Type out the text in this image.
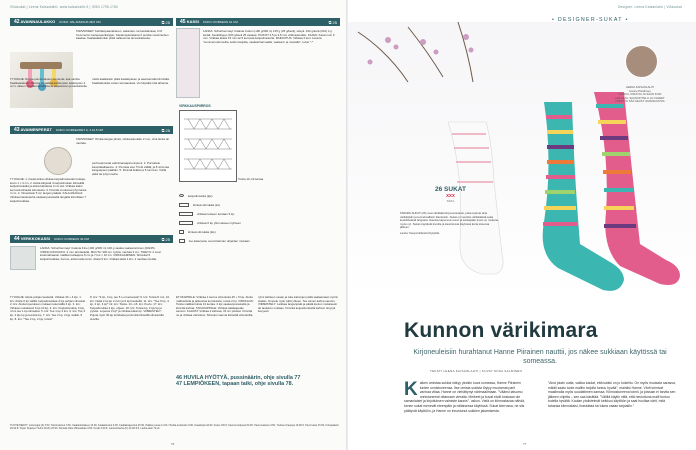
Villasukat | Leena Kaisanlahti, www.kaisanlahti.fi | ISSN 1795-1760
42 AVAINNAULAKKO KOKO: VALJASKOJA 38,5 CM	⧉ 25
TARVIKKEET: Kehikkopaanahanen, askartelu- tai kassilankaa, 3 M Cemmeral -tuotepaperilangan, Kaulanpukoiskarat 2 punttia vuosimiehen kaadaa. Kaalaiaakkunkin pitkä nalkeuuma tai kankaisesta.
TYÖOHJE: Rossa pannunalusen kuvamal- kaa varsila. Kaalkaarakuvio: Rossia 3 kaalkaa kerkkupien kaalimpien 4 cm:n väleen. Kaulanmahdollisuus paljastavan ja kankaisella.
mistä kaalkaisiin pitkä kaulakpanen ja asentamalla kiinnittää. Kaakkaluokka varten tai kaavasta. Voi käyttää mitä tahansa.
43 AVAIMENPERÄT KOKO: KORKEUDET 3, 4 JA 5 CM	⧉ 25
TARVIKKEET: Ohuita langan jämiä, virkkauskoukku 2 mm, ohut lanka tai nauhaa.
TYÖOHJE: 1. Kaula lanka virkkaa ketjusilmukoiden kokoja, kuvio 1 x 4 cm. 2. Aloita kärjestä 4 ketjusilmukan kiinteällä ketjusilmukalla ja aloita kahdesta 3 cm:stä. Virkkaa kaksi kerrosta kiinteitä silmukoita. 3. Kiinnitä muutama lyhyt lanka 4 cm. 4. Viimeistele 5 cm langan päästä. KAULANAUHA: Virkkaa kaulanauha vaaleanpunaisella langalla kiinnittäen 7 ketjusilmukkaa.
perhospinnetta valmiinanaapinennpieni. 3. Pursuttele kanoittaalkaanne. 4. Punoisa sien Trintti välillä; ja 8 viimmaa kangaspieni päähän. 5. Kiinnitä lisäksi ja 5 tumman. Voilla pitkä tai lyhyt nauha.
44 VERKKOKASSI KOKO: KORKEUS 42 CM	⧉ 25
LANKA: Schachenmayr Catania Fine (100 g/300 m) 100 g vaalea vaaleansininen (00245). VIRKKUUKOUKKU: 2 mm tai käsiteltä. MUUTA: 300 cm nyöriä, nauhaa 2 cm. TIHEYS: 2 suun kudontahaaran mallikerroslaajuus 8 cm ja 7 krs = 10 cm. VIRKKAAMINEN: Silmukat 5 ketjusilmukkaa, Kerros, aloita tarkemmin. Aloita 5 krs. Virkkaa tästä 1 krs, 2 nauhaa sivuilla.
TYÖOHJE: Aloita pohjan keskeltä. Virkkaa 30 + 4 kjs. 1. krs: Aloita 6 kp välillä, ketjusilmukkaa 3 kjs pohjan silmukat. 2. krs: Aloita lopetuksen mukaan tekemällä 4 kp. 3. krs: Virkkaa mukaisesti 6 kp 10 kp. 4. krs: Ketjusilmukka; 3 kjs, 4 krs tee 1 kp-silmukka. 5. krs: Tee 1 kp 4 krs. 6. krs: Tee 3 kp, 2 kjs kp ja kuviota kp. 7. krs: Tee 2 kp, 2 kjs, kaikki, 6 kp. 8. krs: *Tee 2 kp, 2 kjs, toista*.
8. krs: *2 kp, 4 kp, tee 5 s ei kertausta* 9. krs: Toista 8. krs. 10. krs: Neljä 2 kp kp 2 rivin ja 6 kpl keskellä. 11. krs: *Tee 6 kp, 4 kp, 2 kp, 4 kp* 12. krs: Toista. 13.–16. krs: Kuvio. 17. krs: Ketjusilmukka 2 kjs, ohjeet. 18. krs: Toista kp, 2 kjs kp ja pylväs. Lopetus 3 kp* ja virkkaa kaksi kp. VIIMEISTELY: Pujota nyöri 30 kp kohdasta ja kiinnitä kiinteillä silmukoilla sivuilla.
ETUKAPPALE: Virkkaa 1 kerros silmukoita 25 + 5 kjs. Aloita mallineliöita ja jatkuvista kerroksista, toista 2 kp. VIRKKAUS: Toista mallikerroksia 13 kertaa. 2 kjs vaaleanpunaisella ja kiinnitä kahvat. TAKAKAPPALE: Virkkaa takakappale samoin. KAHVAT: Virkkaa 2 kahvaa, 15 cm pituiset. Kiinnitä ne ja virkkaa vahvistus. Silmukoi sauma kiinteillä silmukoilla.
rytmi kahteen osaan ja tuke kahvojen päitä saalaamaan nyörin sisään. Ompele nyöri päät yhteen. Tee toinen kahva samoin. VIIMEISTELY: Leikkaa langanpäät ja päätä kuvion mukaisesti tai taulukon mukaan. Kiinnitä ketjusilmukoilla kahvat. Höyryä kevyesti.
45 KASSI KOKO: KORKEUS 41 CM	⧉ 25
LANKA: Schachenmayr Catania Cotton (100 g/300 m) 125 g (25 g/kerä), sävyä. 100 g/kerä (001) 4 g kerää. Keskiöhjeet (100 g/kerä 25 vaalea). PUIKOT 2,5 ja 3,5 mm virkkuukoukku. KAAVA: Kassi noin 9 mm. Virkkaa aluksi 15 mm tai 5 kerrosta ketjusilmukoita. RAIDOITUS: Virkkaa 2 kerr. kuviota. "summermarioneilla, kellon-ketjulla, vaaleanharmaalla, vaaleanl. ja mustalla", kuvio *-*
VIRKKAUSPIIRROS
Toista 10–19 kertaa
ketjusilmukka (kjs)
kiinteä silmukka (ks)
virkkaa toiseen kertaan 6 kp
virkkaa 6 kp ylimmaiseen lyhteen
kiinteä silmukka (kis)
lue kaaviosta, suunnitelman ohjeiden mukaan
46 HUVILA HYÖTYÄ, pussinäärin, ohje sivulla 77
47 LEMPIÖKEEN, tapaan taiki, ohje sivulla 78.
TUOTETIEDOT: Lintumajat (fi) 3.50, Toimintasivut 3.50, Kaalakinlokkeet 13.90, Kaalakkuviot 6.90, Kaallakaaperkut 30.90, Paikka puosa 11.90, Huvilla-tuotteisiin 9.90, Kaaskirjat 44.90. Kassi 130 €. Kaunis kotipesä 60.90. Pannunalusta 3.50, Tuotteet Kauppa 19.90 €. Pieni kassi 15.90, Kokopaketti 29.90 €. Kirjat: Kirjanen Helmi (KAK) 23.90. Kiinteät-Taito Villasukkaa 3.90. Kevät 4,50 €. Lanka-Nauha (K) 44.90 € €. Lanka-taito 79 vk.
76
Designer: Leena Kaisanlahti | Villasukat
• DESIGNER-SUKAT •
LEENA KAISANLAHTI
Hanne Piiraihnen
SUKKIA, KIRJOJA JA SÄÄN KUIN
HOLVEJA, SUUNNITTELU JA OHJEET
NAPATTU SÄÄ KEVÄT ILMAISUUKSIA
26 SUKAT
xxx
S/M/L
KIMARA-SUKAT (26) ovat värikkäät kirjoneuleukset, jotka sopivat aina värikkäisiin ja tunnelmallisiin tilanteisiin. Sukat on neulottu värikkäästä sekä keskitiheästä langasta. Hauska kapeneva resori ja kantapään kuvio on mukana myös nyt. Sukat näyttävät kivoilta ja kaunistuvat käytössä kerta toisensa jälkeen.
Lanka: Kaupunkilanka Kirjopilta.
Kunnon värikimara
Kirjoneuleisiin hurahtanut Hanne Piirainen nauttii, jos näkee sukkiaan käytössä tai someassa.
TEKSTI LEENA KAISANLAHTI | KUVAT SIIRA SALMINEN
K aiken omistaa sukkia näkyy yksikin kuva someasa, Hanne Piirainen tuntee onnistuneensa. Itse omista sukista löytyy muutamat parit vanhaa villaa. Hanne on viehättynyt värimaailmaan. ”Väänsi taisumu onnistuneesti ottamaan vieraita. Meikeet ja kuvat eivät koskaan ole samanlaiset ja kirjoituksen valmiste kaunis”, uskoo. Vielä on kiinnostavaa nähdä, kenen sukat menevät eteenpäin ja millaisessa käytössä. Sukat kierrossa, ne siis päätyvät käyttöön, ja Hanne on innostunut sukkien jakamisesta.
”Aina joiatn uutta, vaikka kaulat, että kaikki on jo kokeiltu. On myös muokata sarassa, mikäli saatu tuote malliin tarjolla tuntuu hyvää”, mainitsi Hanne. Värit toimivat maailmalla myös suodattimen kanssa. Kiinnostuneena toimii, ja joissain ei tarvita sen jälkeen ohjetta – sen saa käsittää. ”Välillä käytin niitä, että neulottuna malli tuntuu todella hyvältä. Kaulan yhdistelmät keikkuu käyttöön ja saat huoltaa värit, mitä tahansa kiinnostaisi, ihastuttaa tai tukea vaaan tarjoatiin.”
77
